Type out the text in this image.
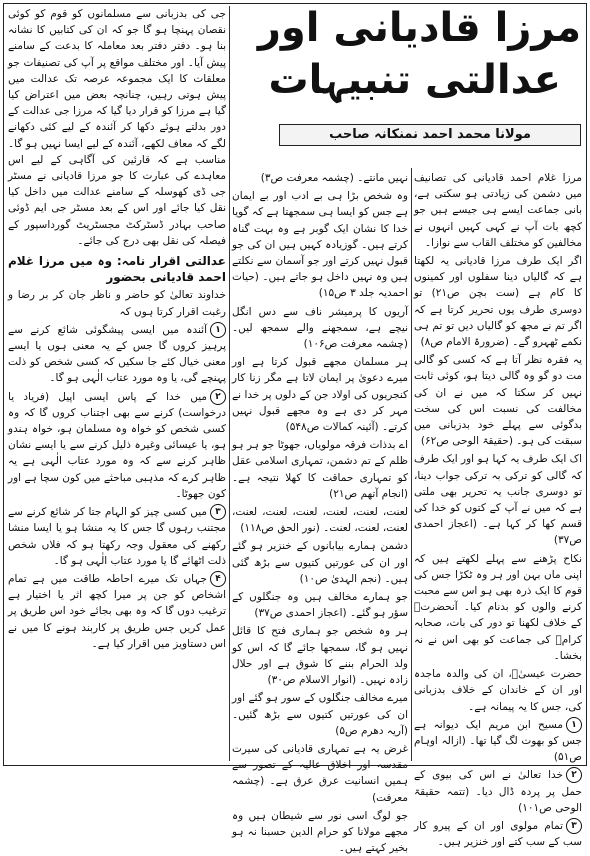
مرزا قادیانی اور
عدالتی تنبیہات
مولانا محمد احمد نمنکانہ صاحب

مرزا غلام احمد قادیانی کی تصانیف میں دشمن کی زیادتی ہو سکتی ہے، بانی جماعت ایسے ہی جیسے ہیں جو کچھ بات آپ نے کہی کہیں انہوں نے مخالفین کو مختلف القاب سے نوازا۔

اگر ایک طرف مرزا قادیانی یہ لکھتا ہے کہ گالیاں دینا سفلوں اور کمینوں کا کام ہے (ست بچن ص۲۱) تو دوسری طرف یوں تحریر کرتا ہے کہ اگر تم نے مجھ کو گالیاں دیں تو تم ہی نکمے ٹھہرو گے۔ (ضرورۃ الامام ص۸)

یہ فقرہ نظر آتا ہے کہ کسی کو گالی مت دو گو وہ گالی دیتا ہو، کوئی ثابت نہیں کر سکتا کہ میں نے ان کی مخالفت کی نسبت اس کی سخت بدگوئی سے پہلے خود بدزبانی میں سبقت کی ہو۔ (حقیقۃ الوحی ص۶۲)

اک ایک طرف یہ کہا ہو اور ایک طرف کہ گالی کو ترکی بہ ترکی جواب دینا، تو دوسری جانب یہ تحریر بھی ملتی ہے کہ میں نے آپ کے کتوں کو خدا کی قسم کھا کر کہا ہے۔ (اعجاز احمدی ص۳۷)

نکاح پڑھنے سے پہلے لکھتے ہیں کہ اپنی ماں بہن اور ہر وہ ٹکڑا جس کی قوم کا ایک ذرہ بھی ہو اس سے محبت کرنے والوں کو بدنام کیا۔ آنحضرتؐ کے خلاف لکھنا تو دور کی بات، صحابہ کرامؓ کی جماعت کو بھی اس نے نہ بخشا۔

حضرت عیسیٰؑ، ان کی والدہ ماجدہ اور ان کے خاندان کے خلاف بدزبانی کی، جس کا یہ پیمانہ ہے۔

۱مسیح ابن مریم ایک دیوانہ ہے جس کو بھوت لگ گیا تھا۔ (ازالہ اوہام ص۵۱)

۲خدا تعالیٰ نے اس کی بیوی کے حمل پر پردہ ڈال دیا۔ (تتمہ حقیقۃ الوحی ص۱۰۱)

۳تمام مولوی اور ان کے پیرو کار سب کے سب کتے اور خنزیر ہیں۔

نہیں مانتے۔ (چشمہ معرفت ص۳)

وہ شخص بڑا ہی بے ادب اور بے ایمان ہے جس کو ایسا ہی سمجھتا ہے کہ گویا خدا کا نشان ایک گوبر ہے وہ بہت گناہ کرتے ہیں۔ گوزیادہ کہیں ہیں ان کی جو قبول نہیں کرتے اور جو آسمان سے نکلتے ہیں وہ نہیں داخل ہو جاتے ہیں۔ (حیات احمدیہ جلد ۳ ص۱۵)

آریوں کا پرمیشر ناف سے دس انگل نیچے ہے، سمجھنے والے سمجھ لیں۔ (چشمہ معرفت ص۱۰۶)

ہر مسلمان مجھے قبول کرتا ہے اور میرے دعویٰ پر ایمان لاتا ہے مگر زنا کار کنجریوں کی اولاد جن کے دلوں پر خدا نے مہر کر دی ہے وہ مجھے قبول نہیں کرتے۔ (آئینہ کمالات ص۵۴۸)

اے بدذات فرقہ مولویاں، جھوٹا جو ہر ہو ظلم کے تم دشمن، تمہاری اسلامی عقل کو تمہاری حماقت کا کھلا نتیجہ ہے۔ (انجام آتھم ص۲۱)

لعنت، لعنت، لعنت، لعنت، لعنت، لعنت، لعنت، لعنت، لعنت۔ (نور الحق ص۱۱۸)

دشمن ہمارے بیابانوں کے خنزیر ہو گئے اور ان کی عورتیں کتیوں سے بڑھ گئی ہیں۔ (نجم الہدیٰ ص۱۰)

جو ہمارے مخالف ہیں وہ جنگلوں کے سؤر ہو گئے۔ (اعجاز احمدی ص۳۷)

ہر وہ شخص جو ہماری فتح کا قائل نہیں ہو گا، سمجھا جائے گا کہ اس کو ولد الحرام بننے کا شوق ہے اور حلال زادہ نہیں۔ (انوار الاسلام ص۳۰)

میرے مخالف جنگلوں کے سور ہو گئے اور ان کی عورتیں کتیوں سے بڑھ گئیں۔ (آریہ دھرم ص۵)

غرض یہ ہے تمہاری قادیانی کی سیرت مقدسہ اور اخلاق عالیہ کے تصور سے ہمیں انسانیت عرق عرق ہے۔ (چشمہ معرفت)

جو لوگ اسی نور سے شیطان ہیں وہ مجھے مولانا کو حرام الدین حسبنا نہ ہو بخیر کہتے ہیں۔

جی کی بدزبانی سے مسلمانوں کو قوم کو کوئی نقصان پہنچا ہو گا جو کہ ان کی کتابیں کا نشانہ بنا ہو۔ دفتر دفتر بعد معاملہ کا بدعت کے سامنے پیش آیا۔ اور مختلف مواقع پر آپ کی تصنیفات جو معلقات کا ایک مجموعہ عرصہ تک عدالت میں پیش ہوتی رہیں، چنانچہ بعض میں اعتراض کیا گیا ہے مرزا کو قرار دیا گیا کہ مرزا جی عدالت کے دور بدلتے ہوئے دکھا کر آئندہ کے لیے کئی دکھانے لگے کہ معاف لکھے، آئندہ کے لیے ایسا نہیں ہو گا۔ مناسب ہے کہ قارئین کی آگاہی کے لیے اس معاہدے کی عبارت کا جو مرزا قادیانی نے مسٹر جی ڈی کھوسلہ کے سامنے عدالت میں داخل کیا نقل کیا جائے اور اس کے بعد مسٹر جی ایم ڈوئی صاحب بہادر ڈسٹرکٹ مجسٹریٹ گورداسپور کے فیصلہ کی نقل بھی درج کی جائے۔

عدالتی اقرار نامہ: وہ میں مرزا غلام احمد قادیانی بحضور

خداوند تعالیٰ کو حاضر و ناظر جان کر بر رضا و رغبت اقرار کرتا ہوں کہ

۱آئندہ میں ایسی پیشگوئی شائع کرنے سے پرہیز کروں گا جس کے یہ معنی ہوں یا ایسے معنی خیال کئے جا سکیں کہ کسی شخص کو ذلت پہنچے گی، یا وہ مورد عتاب الٰہی ہو گا۔

۲میں خدا کے پاس ایسی اپیل (فریاد یا درخواست) کرنے سے بھی اجتناب کروں گا کہ وہ کسی شخص کو خواہ وہ مسلمان ہو، خواہ ہندو ہو، یا عیسائی وغیرہ ذلیل کرنے سے یا ایسے نشان ظاہر کرنے سے کہ وہ مورد عتاب الٰہی ہے یہ ظاہر کرے کہ مذہبی مباحثے میں کون سچا ہے اور کون جھوٹا۔

۳میں کسی چیز کو الہام جتا کر شائع کرنے سے مجتنب رہوں گا جس کا یہ منشا ہو یا ایسا منشا رکھنے کی معقول وجہ رکھتا ہو کہ فلاں شخص ذلت اٹھائے گا یا مورد عتاب الٰہی ہو گا۔

۴جہاں تک میرے احاطہ طاقت میں ہے تمام اشخاص کو جن پر میرا کچھ اثر یا اختیار ہے ترغیب دوں گا کہ وہ بھی بجائے خود اس طریق پر عمل کریں جس طریق پر کاربند ہونے کا میں نے اس دستاویز میں اقرار کیا ہے۔
